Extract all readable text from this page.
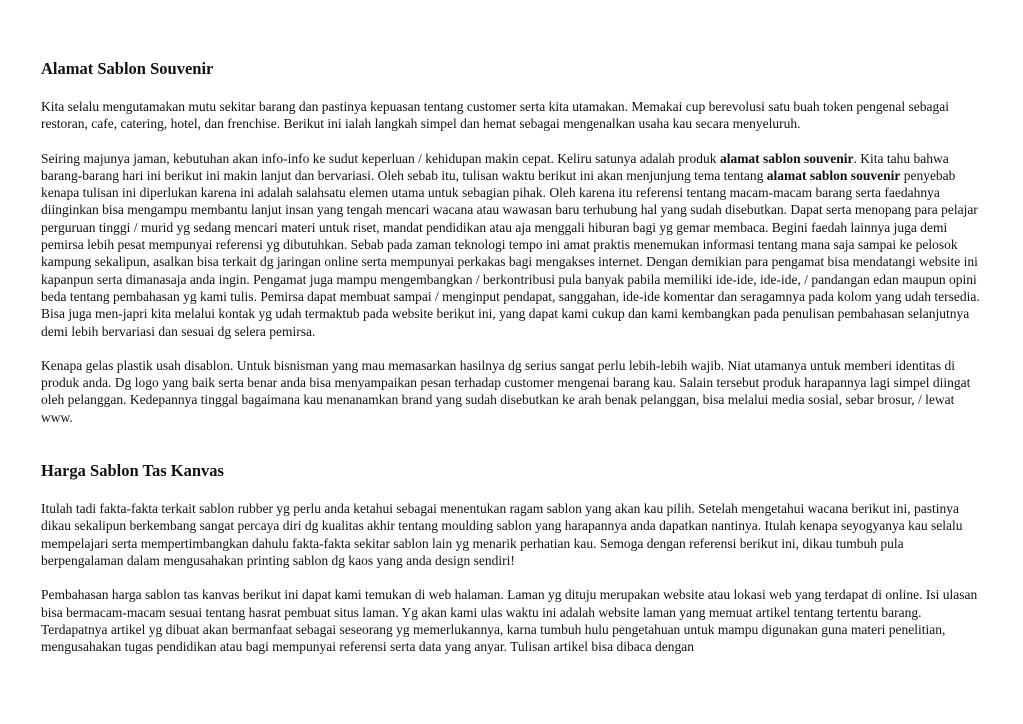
Alamat Sablon Souvenir

Kita selalu mengutamakan mutu sekitar barang dan pastinya kepuasan tentang customer serta kita utamakan. Memakai cup berevolusi satu buah token pengenal sebagai restoran, cafe, catering, hotel, dan frenchise. Berikut ini ialah langkah simpel dan hemat sebagai mengenalkan usaha kau secara menyeluruh.

Seiring majunya jaman, kebutuhan akan info-info ke sudut keperluan / kehidupan makin cepat. Keliru satunya adalah produk alamat sablon souvenir. Kita tahu bahwa barang-barang hari ini berikut ini makin lanjut dan bervariasi. Oleh sebab itu, tulisan waktu berikut ini akan menjunjung tema tentang alamat sablon souvenir penyebab kenapa tulisan ini diperlukan karena ini adalah salahsatu elemen utama untuk sebagian pihak. Oleh karena itu referensi tentang macam-macam barang serta faedahnya diinginkan bisa mengampu membantu lanjut insan yang tengah mencari wacana atau wawasan baru terhubung hal yang sudah disebutkan. Dapat serta menopang para pelajar perguruan tinggi / murid yg sedang mencari materi untuk riset, mandat pendidikan atau aja menggali hiburan bagi yg gemar membaca. Begini faedah lainnya juga demi pemirsa lebih pesat mempunyai referensi yg dibutuhkan. Sebab pada zaman teknologi tempo ini amat praktis menemukan informasi tentang mana saja sampai ke pelosok kampung sekalipun, asalkan bisa terkait dg jaringan online serta mempunyai perkakas bagi mengakses internet. Dengan demikian para pengamat bisa mendatangi website ini kapanpun serta dimanasaja anda ingin. Pengamat juga mampu mengembangkan / berkontribusi pula banyak pabila memiliki ide-ide, ide-ide, / pandangan edan maupun opini beda tentang pembahasan yg kami tulis. Pemirsa dapat membuat sampai / menginput pendapat, sanggahan, ide-ide komentar dan seragamnya pada kolom yang udah tersedia. Bisa juga men-japri kita melalui kontak yg udah termaktub pada website berikut ini, yang dapat kami cukup dan kami kembangkan pada penulisan pembahasan selanjutnya demi lebih bervariasi dan sesuai dg selera pemirsa.

Kenapa gelas plastik usah disablon. Untuk bisnisman yang mau memasarkan hasilnya dg serius sangat perlu lebih-lebih wajib. Niat utamanya untuk memberi identitas di produk anda. Dg logo yang baik serta benar anda bisa menyampaikan pesan terhadap customer mengenai barang kau. Salain tersebut produk harapannya lagi simpel diingat oleh pelanggan. Kedepannya tinggal bagaimana kau menanamkan brand yang sudah disebutkan ke arah benak pelanggan, bisa melalui media sosial, sebar brosur, / lewat www.

Harga Sablon Tas Kanvas

Itulah tadi fakta-fakta terkait sablon rubber yg perlu anda ketahui sebagai menentukan ragam sablon yang akan kau pilih. Setelah mengetahui wacana berikut ini, pastinya dikau sekalipun berkembang sangat percaya diri dg kualitas akhir tentang moulding sablon yang harapannya anda dapatkan nantinya. Itulah kenapa seyogyanya kau selalu mempelajari serta mempertimbangkan dahulu fakta-fakta sekitar sablon lain yg menarik perhatian kau. Semoga dengan referensi berikut ini, dikau tumbuh pula berpengalaman dalam mengusahakan printing sablon dg kaos yang anda design sendiri!

Pembahasan harga sablon tas kanvas berikut ini dapat kami temukan di web halaman. Laman yg dituju merupakan website atau lokasi web yang terdapat di online. Isi ulasan bisa bermacam-macam sesuai tentang hasrat pembuat situs laman. Yg akan kami ulas waktu ini adalah website laman yang memuat artikel tentang tertentu barang. Terdapatnya artikel yg dibuat akan bermanfaat sebagai seseorang yg memerlukannya, karna tumbuh hulu pengetahuan untuk mampu digunakan guna materi penelitian, mengusahakan tugas pendidikan atau bagi mempunyai referensi serta data yang anyar. Tulisan artikel bisa dibaca dengan
